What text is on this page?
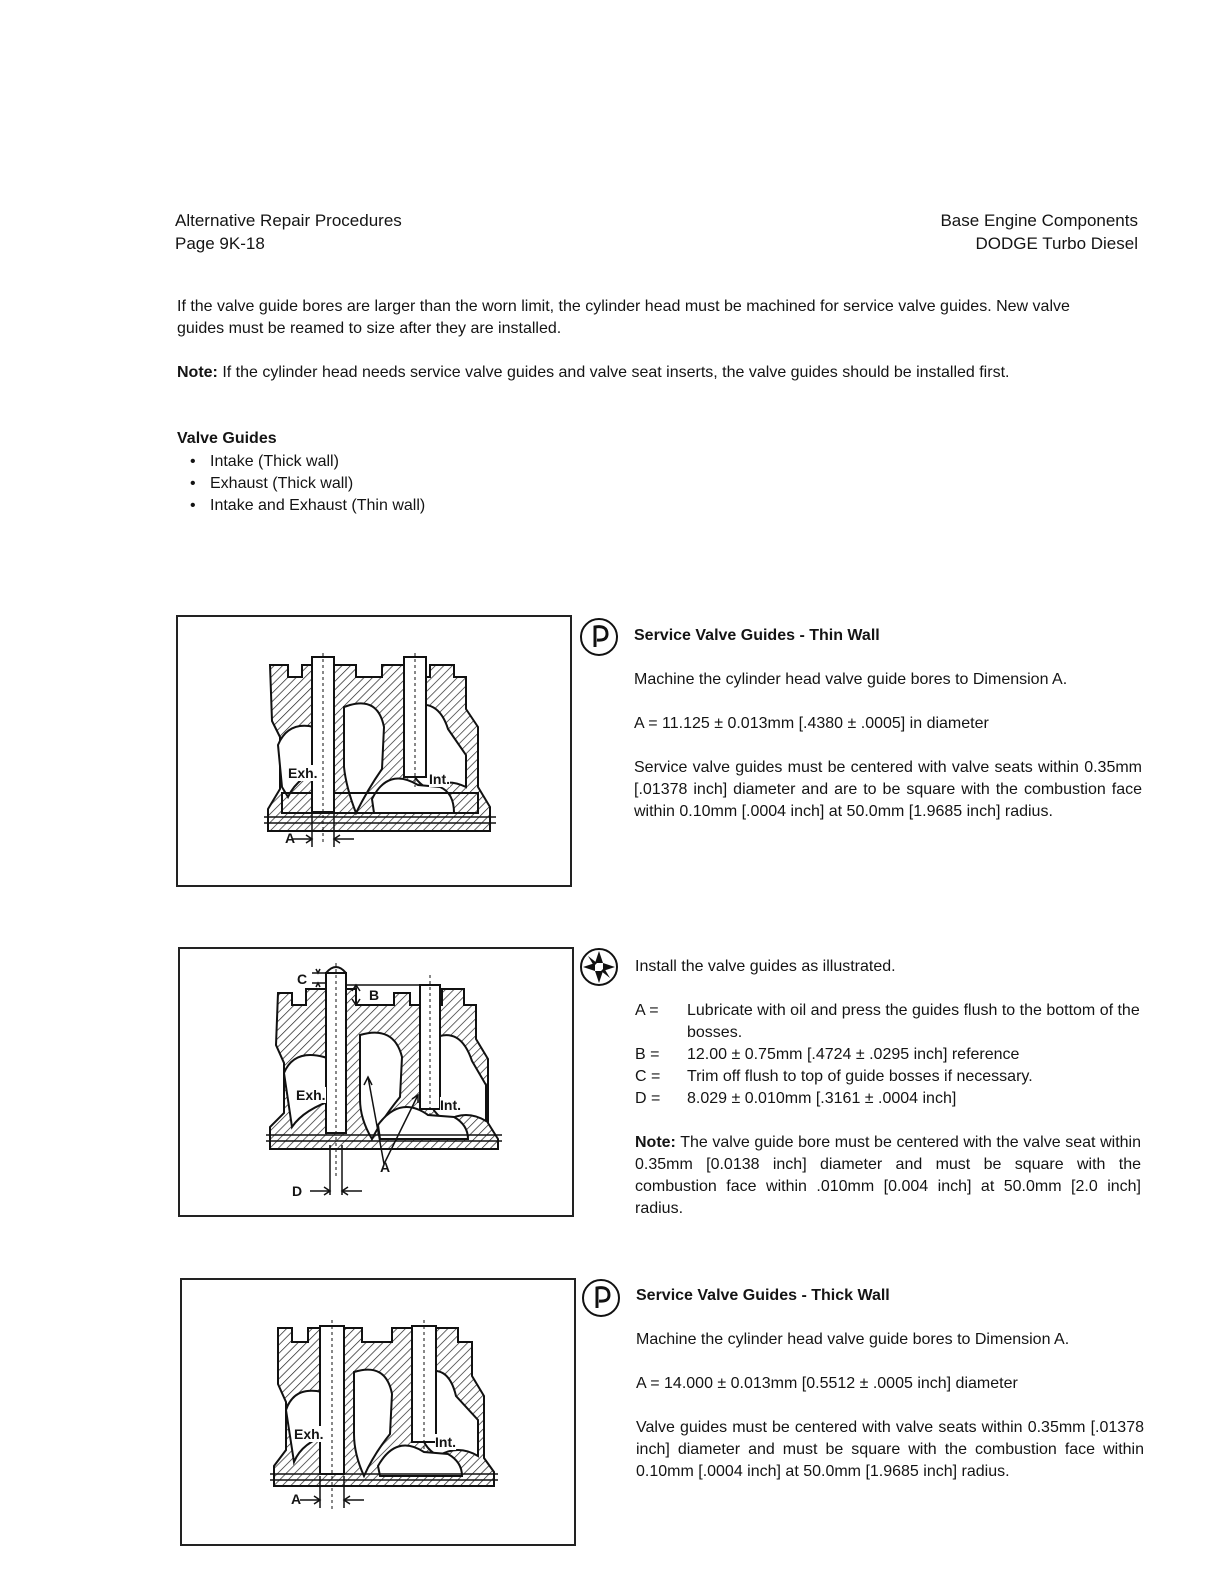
Alternative Repair Procedures
Page 9K-18
Base Engine Components
DODGE Turbo Diesel
If the valve guide bores are larger than the worn limit, the cylinder head must be machined for service valve guides. New valve guides must be reamed to size after they are installed.
Note: If the cylinder head needs service valve guides and valve seat inserts, the valve guides should be installed first.
Valve Guides
• Intake (Thick wall)
• Exhaust (Thick wall)
• Intake and Exhaust (Thin wall)
Exh.	Int.
A

Service Valve Guides - Thin Wall

Machine the cylinder head valve guide bores to Dimension A.

A = 11.125 ± 0.013mm [.4380 ± .0005] in diameter

Service valve guides must be centered with valve seats within 0.35mm [.01378 inch] diameter and are to be square with the combustion face within 0.10mm [.0004 inch] at 50.0mm [1.9685 inch] radius.

C
B
Exh.
Int.
A
D

Install the valve guides as illustrated.

A =	Lubricate with oil and press the guides flush to the bottom of the bosses.
B =	12.00 ± 0.75mm [.4724 ± .0295 inch] reference
C =	Trim off flush to top of guide bosses if necessary.
D =	8.029 ± 0.010mm [.3161 ± .0004 inch]

Note: The valve guide bore must be centered with the valve seat within 0.35mm [0.0138 inch] diameter and must be square with the combustion face within .010mm [0.004 inch] at 50.0mm [2.0 inch] radius.

Exh.	Int.
A

Service Valve Guides - Thick Wall

Machine the cylinder head valve guide bores to Dimension A.

A = 14.000 ± 0.013mm [0.5512 ± .0005 inch] diameter

Valve guides must be centered with valve seats within 0.35mm [.01378 inch] diameter and must be square with the combustion face within 0.10mm [.0004 inch] at 50.0mm [1.9685 inch] radius.
